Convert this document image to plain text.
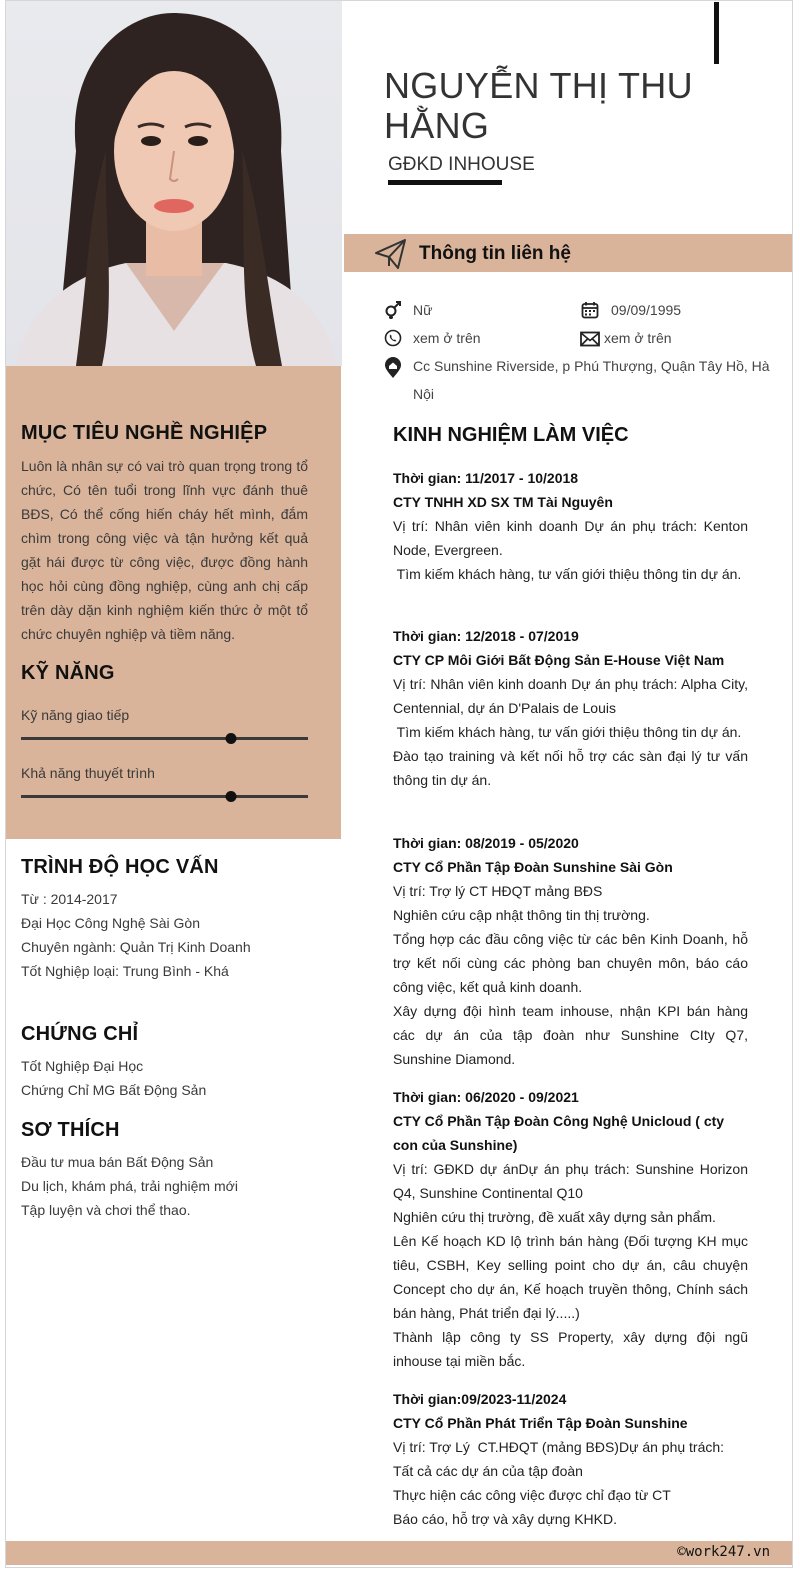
MỤC TIÊU NGHỀ NGHIỆP
Luôn là nhân sự có vai trò quan trọng trong tổ chức, Có tên tuổi trong lĩnh vực đánh thuê BĐS, Có thể cống hiến cháy hết mình, đắm chìm trong công việc và tận hưởng kết quả gặt hái được từ công việc, được đồng hành học hỏi cùng đồng nghiệp, cùng anh chị cấp trên dày dặn kinh nghiệm kiến thức ở một tổ chức chuyên nghiệp và tiềm năng.
KỸ NĂNG
Kỹ năng giao tiếp
Khả năng thuyết trình
TRÌNH ĐỘ HỌC VẤN
Từ : 2014-2017
Đại Học Công Nghệ Sài Gòn
Chuyên ngành: Quản Trị Kinh Doanh
Tốt Nghiệp loại: Trung Bình - Khá
CHỨNG CHỈ
Tốt Nghiệp Đại Học
Chứng Chỉ MG Bất Động Sản
SƠ THÍCH
Đầu tư mua bán Bất Động Sản
Du lịch, khám phá, trải nghiệm mới
Tập luyện và chơi thể thao.
NGUYỄN THỊ THU HẰNG
GĐKD INHOUSE
Thông tin liên hệ
Nữ	09/09/1995
xem ở trên	xem ở trên
Cc Sunshine Riverside, p Phú Thượng, Quận Tây Hồ, Hà Nội
KINH NGHIỆM LÀM VIỆC
Thời gian: 11/2017 - 10/2018
CTY TNHH XD SX TM Tài Nguyên
Vị trí: Nhân viên kinh doanh Dự án phụ trách: Kenton Node, Evergreen.
Tìm kiếm khách hàng, tư vấn giới thiệu thông tin dự án.
Thời gian: 12/2018 - 07/2019
CTY CP Môi Giới Bất Động Sản E-House Việt Nam
Vị trí: Nhân viên kinh doanh Dự án phụ trách: Alpha City, Centennial, dự án D'Palais de Louis
Tìm kiếm khách hàng, tư vấn giới thiệu thông tin dự án.
Đào tạo training và kết nối hỗ trợ các sàn đại lý tư vấn thông tin dự án.
Thời gian: 08/2019 - 05/2020
CTY Cổ Phần Tập Đoàn Sunshine Sài Gòn
Vị trí: Trợ lý CT HĐQT mảng BĐS
Nghiên cứu cập nhật thông tin thị trường.
Tổng hợp các đầu công việc từ các bên Kinh Doanh, hỗ trợ kết nối cùng các phòng ban chuyên môn, báo cáo công việc, kết quả kinh doanh.
Xây dựng đội hình team inhouse, nhận KPI bán hàng các dự án của tập đoàn như Sunshine CIty Q7, Sunshine Diamond.
Thời gian: 06/2020 - 09/2021
CTY Cổ Phần Tập Đoàn Công Nghệ Unicloud ( cty con của Sunshine)
Vị trí: GĐKD dự ánDự án phụ trách: Sunshine Horizon Q4, Sunshine Continental Q10
Nghiên cứu thị trường, đề xuất xây dựng sản phẩm.
Lên Kế hoạch KD lộ trình bán hàng (Đối tượng KH mục tiêu, CSBH, Key selling point cho dự án, câu chuyện Concept cho dự án, Kế hoạch truyền thông, Chính sách bán hàng, Phát triển đại lý.....)
Thành lập công ty SS Property, xây dựng đội ngũ inhouse tại miền bắc.
Thời gian:09/2023-11/2024
CTY Cổ Phần Phát Triển Tập Đoàn Sunshine
Vị trí: Trợ Lý  CT.HĐQT (mảng BĐS)Dự án phụ trách:
Tất cả các dự án của tập đoàn
Thực hiện các công việc được chỉ đạo từ CT
Báo cáo, hỗ trợ và xây dựng KHKD.
©work247.vn
